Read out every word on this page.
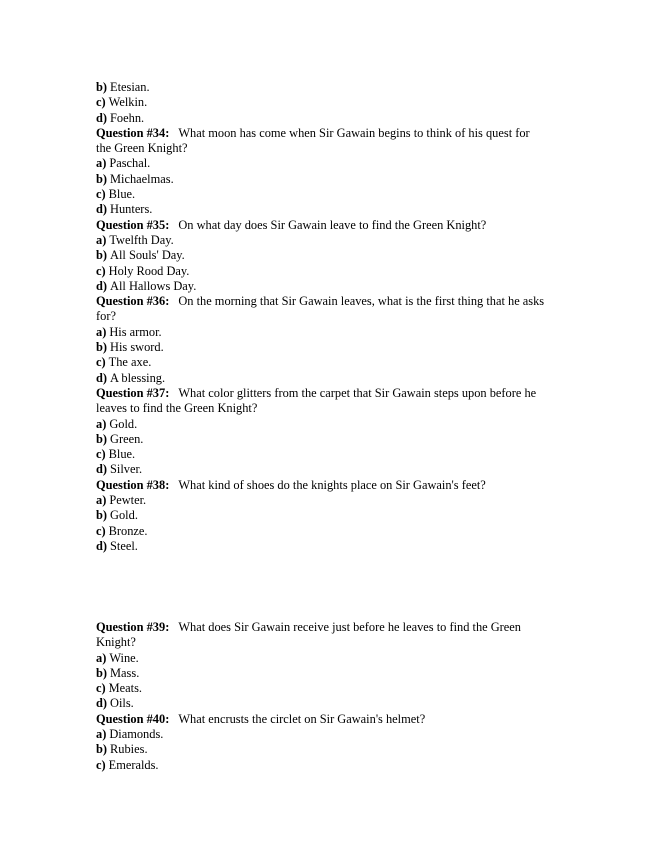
b) Etesian.
c) Welkin.
d) Foehn.
Question #34: What moon has come when Sir Gawain begins to think of his quest for
the Green Knight?
a) Paschal.
b) Michaelmas.
c) Blue.
d) Hunters.
Question #35: On what day does Sir Gawain leave to find the Green Knight?
a) Twelfth Day.
b) All Souls' Day.
c) Holy Rood Day.
d) All Hallows Day.
Question #36: On the morning that Sir Gawain leaves, what is the first thing that he asks
for?
a) His armor.
b) His sword.
c) The axe.
d) A blessing.
Question #37: What color glitters from the carpet that Sir Gawain steps upon before he
leaves to find the Green Knight?
a) Gold.
b) Green.
c) Blue.
d) Silver.
Question #38: What kind of shoes do the knights place on Sir Gawain's feet?
a) Pewter.
b) Gold.
c) Bronze.
d) Steel.
Question #39: What does Sir Gawain receive just before he leaves to find the Green
Knight?
a) Wine.
b) Mass.
c) Meats.
d) Oils.
Question #40: What encrusts the circlet on Sir Gawain's helmet?
a) Diamonds.
b) Rubies.
c) Emeralds.
